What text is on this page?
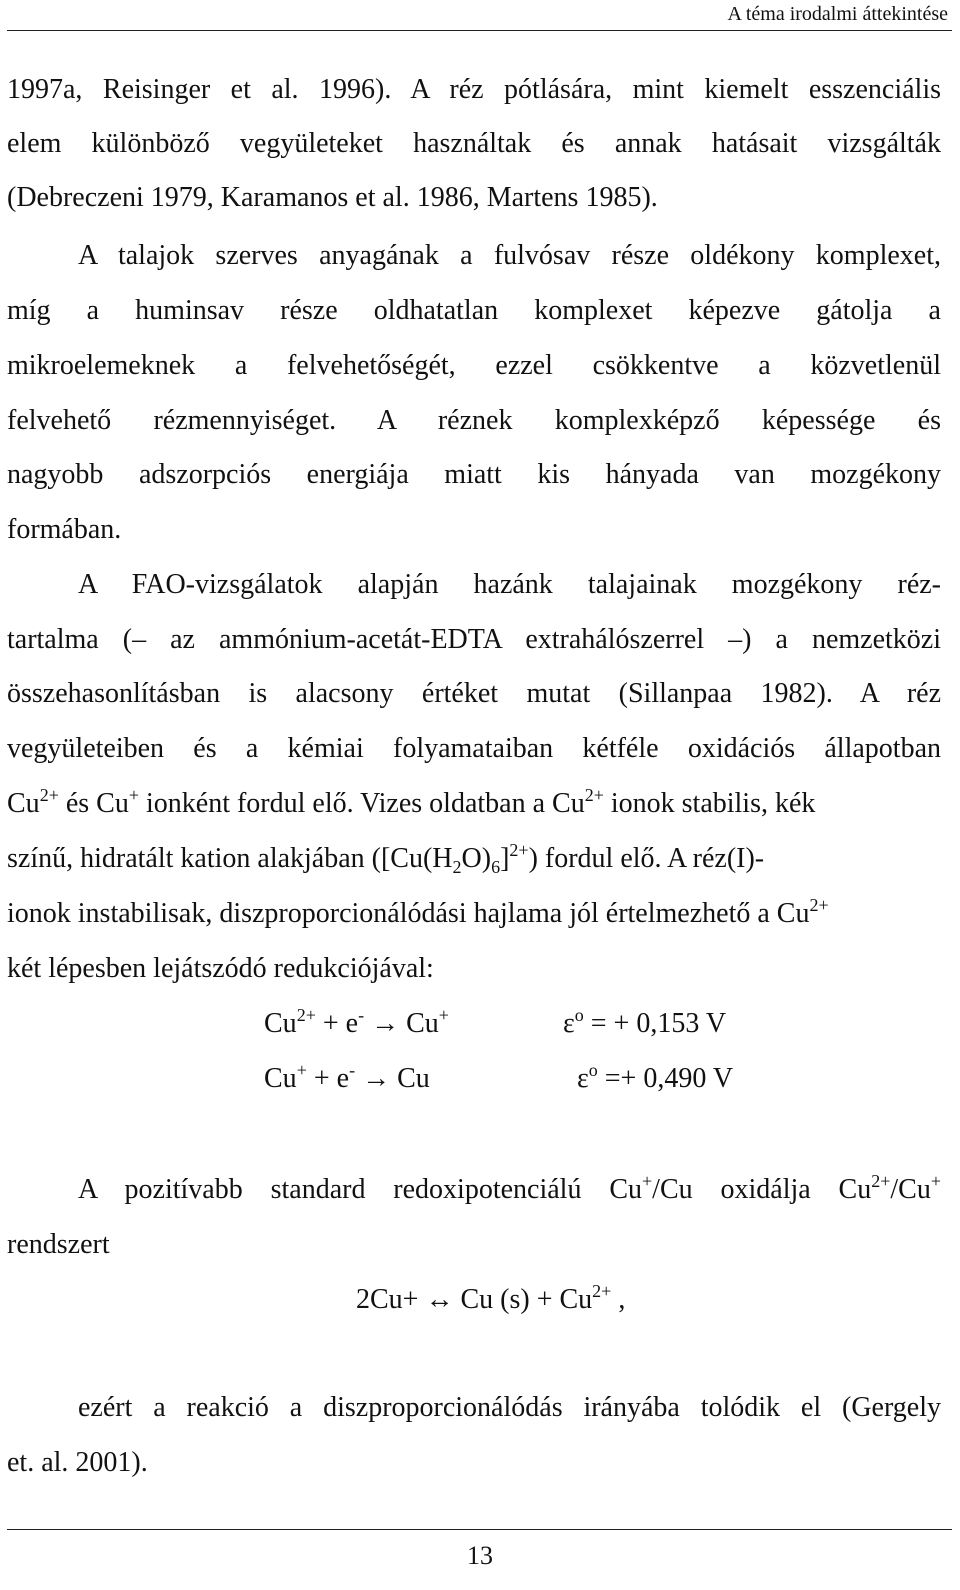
A téma irodalmi áttekintése
1997a, Reisinger et al. 1996). A réz pótlására, mint kiemelt esszenciális
elem különböző vegyületeket használtak és annak hatásait vizsgálták
(Debreczeni 1979, Karamanos et al. 1986, Martens 1985).
A talajok szerves anyagának a fulvósav része oldékony komplexet,
míg a huminsav része oldhatatlan komplexet képezve gátolja a
mikroelemeknek a felvehetőségét, ezzel csökkentve a közvetlenül
felvehető rézmennyiséget. A réznek komplexképző képessége és
nagyobb adszorpciós energiája miatt kis hányada van mozgékony
formában.
A FAO-vizsgálatok alapján hazánk talajainak mozgékony réz-
tartalma (– az ammónium-acetát-EDTA extrahálószerrel –) a nemzetközi
összehasonlításban is alacsony értéket mutat (Sillanpaa 1982). A réz
vegyületeiben és a kémiai folyamataiban kétféle oxidációs állapotban
$Cu^{2+}$ és Cu+ ionként fordul elő. Vizes oldatban a $Cu^{2+}$ ionok stabilis, kék
színű, hidratált kation alakjában $([Cu(H_2O)_6]^{2+})$ fordul elő. A réz(I)-
ionok instabilisak, diszproporcionálódási hajlama jól értelmezhető a $Cu^{2+}$
két lépesben lejátszódó redukciójával:
$Cu^{2+} + e^- \to Cu^+$	$\varepsilon^o$ = + 0,153 V
Cu+ + e- → Cu	$\varepsilon^o =+ 0,490$ V
A pozitívabb standard redoxipotenciálú Cu+/Cu oxidálja $Cu^{2+}/Cu^+$
rendszert
2Cu+ ↔ Cu $(s) + Cu^{2+}$ ,
ezért a reakció a diszproporcionálódás irányába tolódik el (Gergely
et. al. 2001).
13
